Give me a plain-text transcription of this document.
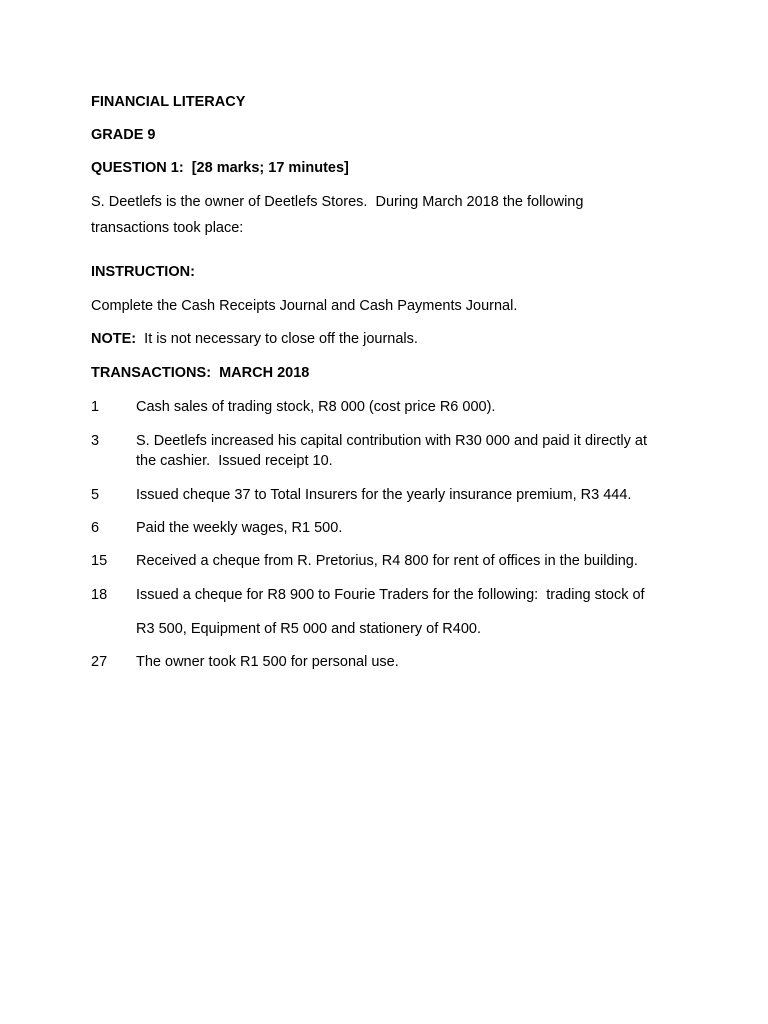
FINANCIAL LITERACY
GRADE 9
QUESTION 1:  [28 marks; 17 minutes]
S. Deetlefs is the owner of Deetlefs Stores.  During March 2018 the following
transactions took place:
INSTRUCTION:
Complete the Cash Receipts Journal and Cash Payments Journal.
NOTE: It is not necessary to close off the journals.
TRANSACTIONS:  MARCH 2018
1	Cash sales of trading stock, R8 000 (cost price R6 000).
3	S. Deetlefs increased his capital contribution with R30 000 and paid it directly at
the cashier.  Issued receipt 10.
5	Issued cheque 37 to Total Insurers for the yearly insurance premium, R3 444.
6	Paid the weekly wages, R1 500.
15 Received a cheque from R. Pretorius, R4 800 for rent of offices in the building.
18 Issued a cheque for R8 900 to Fourie Traders for the following:  trading stock of
R3 500, Equipment of R5 000 and stationery of R400.
27 The owner took R1 500 for personal use.
